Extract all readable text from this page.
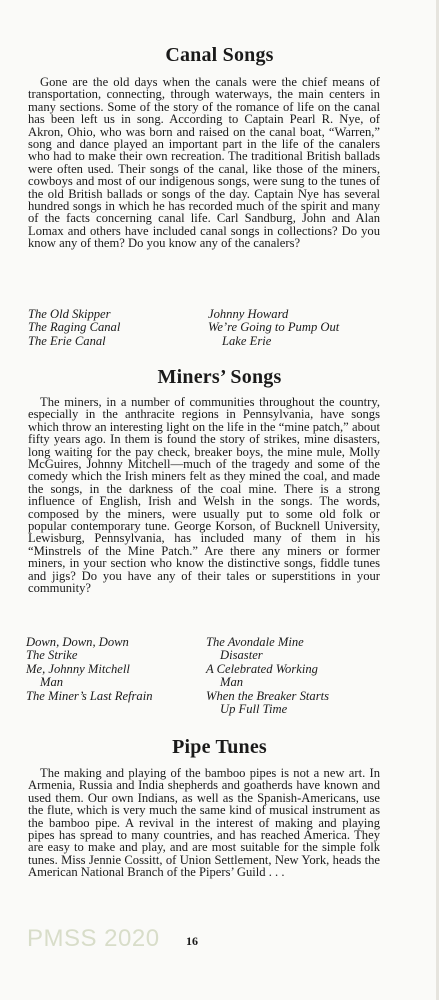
Canal Songs

Gone are the old days when the canals were the chief means of transportation, connecting, through waterways, the main centers in many sections. Some of the story of the romance of life on the canal has been left us in song. According to Captain Pearl R. Nye, of Akron, Ohio, who was born and raised on the canal boat, “Warren,” song and dance played an important part in the life of the canalers who had to make their own recreation. The traditional British ballads were often used. Their songs of the canal, like those of the miners, cowboys and most of our indigenous songs, were sung to the tunes of the old British ballads or songs of the day. Captain Nye has several hundred songs in which he has recorded much of the spirit and many of the facts concerning canal life. Carl Sandburg, John and Alan Lomax and others have included canal songs in collections? Do you know any of them? Do you know any of the canalers?

The Old Skipper
The Raging Canal
The Erie Canal
Johnny Howard
We’re Going to Pump Out
Lake Erie
Miners’ Songs

The miners, in a number of communities throughout the country, especially in the anthracite regions in Pennsylvania, have songs which throw an interesting light on the life in the “mine patch,” about fifty years ago. In them is found the story of strikes, mine disasters, long waiting for the pay check, breaker boys, the mine mule, Molly McGuires, Johnny Mitchell—much of the tragedy and some of the comedy which the Irish miners felt as they mined the coal, and made the songs, in the darkness of the coal mine. There is a strong influence of English, Irish and Welsh in the songs. The words, composed by the miners, were usually put to some old folk or popular contemporary tune. George Korson, of Bucknell University, Lewisburg, Pennsylvania, has included many of them in his “Minstrels of the Mine Patch.” Are there any miners or former miners, in your section who know the distinctive songs, fiddle tunes and jigs? Do you have any of their tales or superstitions in your community?

Down, Down, Down
The Strike
Me, Johnny Mitchell
Man
The Miner’s Last Refrain
The Avondale Mine
Disaster
A Celebrated Working
Man
When the Breaker Starts
Up Full Time
Pipe Tunes

The making and playing of the bamboo pipes is not a new art. In Armenia, Russia and India shepherds and goatherds have known and used them. Our own Indians, as well as the Spanish-Americans, use the flute, which is very much the same kind of musical instrument as the bamboo pipe. A revival in the interest of making and playing pipes has spread to many countries, and has reached America. They are easy to make and play, and are most suitable for the simple folk tunes. Miss Jennie Cossitt, of Union Settlement, New York, heads the American National Branch of the Pipers’ Guild . . .

PMSS 2020 16
